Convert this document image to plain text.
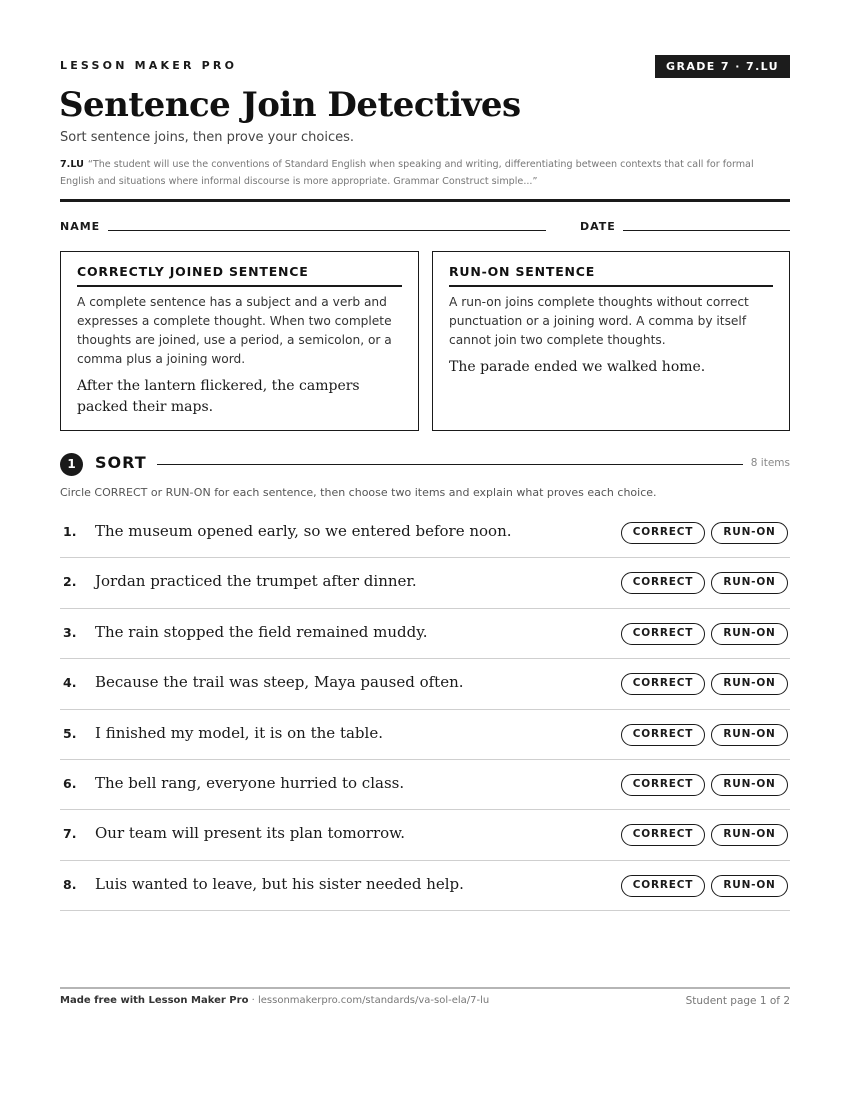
LESSON MAKER PRO	GRADE 7 · 7.LU
Sentence Join Detectives
Sort sentence joins, then prove your choices.
7.LU “The student will use the conventions of Standard English when speaking and writing, differentiating between contexts that call for formal English and situations where informal discourse is more appropriate. Grammar Construct simple...”
NAME	DATE
CORRECTLY JOINED SENTENCE
A complete sentence has a subject and a verb and expresses a complete thought. When two complete thoughts are joined, use a period, a semicolon, or a comma plus a joining word.
After the lantern flickered, the campers packed their maps.
RUN-ON SENTENCE
A run-on joins complete thoughts without correct punctuation or a joining word. A comma by itself cannot join two complete thoughts.
The parade ended we walked home.
1	SORT	8 items
Circle CORRECT or RUN-ON for each sentence, then choose two items and explain what proves each choice.
1. The museum opened early, so we entered before noon.	CORRECT	RUN-ON
2. Jordan practiced the trumpet after dinner.	CORRECT	RUN-ON
3. The rain stopped the field remained muddy.	CORRECT	RUN-ON
4. Because the trail was steep, Maya paused often.	CORRECT	RUN-ON
5. I finished my model, it is on the table.	CORRECT	RUN-ON
6. The bell rang, everyone hurried to class.	CORRECT	RUN-ON
7. Our team will present its plan tomorrow.	CORRECT	RUN-ON
8. Luis wanted to leave, but his sister needed help.	CORRECT	RUN-ON
Made free with Lesson Maker Pro · lessonmakerpro.com/standards/va-sol-ela/7-lu	Student page 1 of 2
